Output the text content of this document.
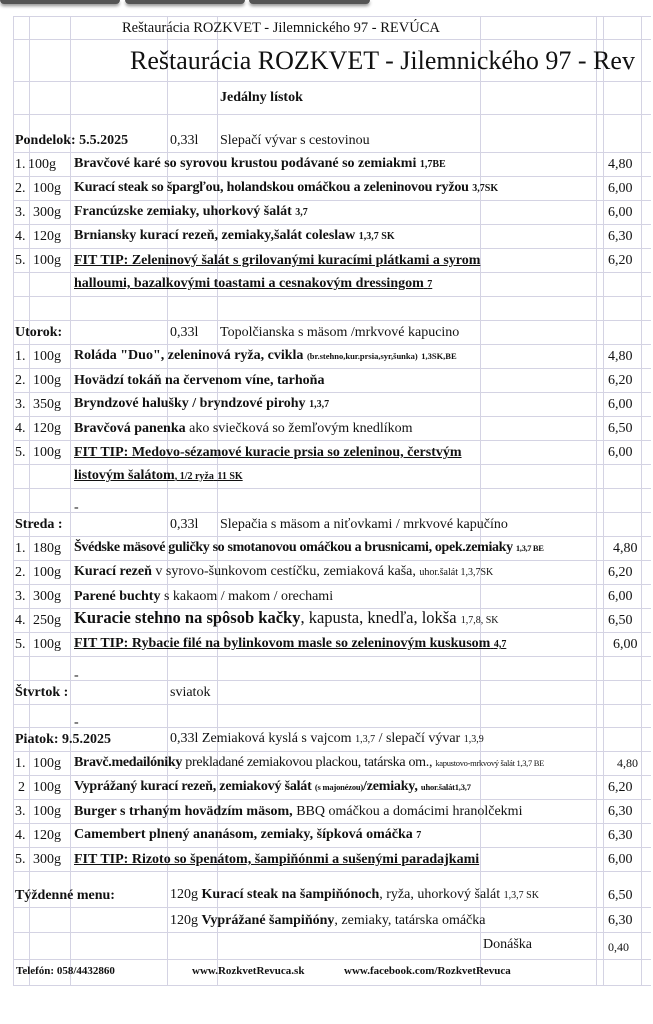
Reštaurácia ROZKVET - Jilemnického 97 - REVÚCA
Reštaurácia ROZKVET - Jilemnického 97 - Rev
Jedálny lístok
Pondelok: 5.5.2025	0,33l Slepačí vývar s cestovinou
1. 100g Bravčové karé so syrovou krustou podávané so zemiakmi 1,7BE	4,80
2. 100g Kurací steak so špargľou, holandskou omáčkou a zeleninovou ryžou 3,7SK	6,00
3. 300g Francúzske zemiaky, uhorkový šalát 3,7	6,00
4. 120g Brniansky kurací rezeň, zemiaky,šalát coleslaw 1,3,7 SK	6,30
5. 100g FIT TIP: Zeleninový šalát s grilovanými kuracími plátkami a syrom	6,20
halloumi, bazalkovými toastami a cesnakovým dressingom 7
Utorok:	0,33l Topolčianska s mäsom /mrkvové kapucino
1. 100g Roláda "Duo", zeleninová ryža, cvikla (br.stehno,kur.prsia,syr,šunka) 1,3SK,BE	4,80
2. 100g Hovädzí tokáň na červenom víne, tarhoňa	6,20
3. 350g Bryndzové halušky / bryndzové pirohy 1,3,7	6,00
4. 120g Bravčová panenka ako sviečková so žemľovým knedlíkom	6,50
5. 100g FIT TIP: Medovo-sézamové kuracie prsia so zeleninou, čerstvým	6,00
listovým šalátom, 1/2 ryža 11 SK
-
Streda :	0,33l Slepačia s mäsom a niťovkami / mrkvové kapučíno
1. 180g Švédske mäsové guličky so smotanovou omáčkou a brusnicami, opek.zemiaky 1,3,7 BE	4,80
2. 100g Kurací rezeň v syrovo-šunkovom cestíčku, zemiaková kaša, uhor.šalát 1,3,7SK	6,20
3. 300g Parené buchty s kakaom / makom / orechami	6,00
4. 250g Kuracie stehno na spôsob kačky, kapusta, knedľa, lokša 1,7,8, SK	6,50
5. 100g FIT TIP: Rybacie filé na bylinkovom masle so zeleninovým kuskusom 4,7	6,00
-
Štvrtok :	sviatok
-
Piatok: 9.5.2025	0,33l Zemiaková kyslá s vajcom 1,3,7 / slepačí vývar 1,3,9
1. 100g Bravč.medailóniky prekladané zemiakovou plackou, tatárska om., kapustovo-mrkvový šalát 1,3,7 BE	4,80
2 100g Vyprážaný kurací rezeň, zemiakový šalát (s majonézou)/zemiaky, uhor.šalát1,3,7	6,20
3. 100g Burger s trhaným hovädzím mäsom, BBQ omáčkou a domácimi hranolčekmi	6,30
4. 120g Camembert plnený ananásom, zemiaky, šípková omáčka 7	6,30
5. 300g FIT TIP: Rizoto so špenátom, šampiňónmi a sušenými paradajkami	6,00
Týždenné menu:	120g Kurací steak na šampiňónoch, ryža, uhorkový šalát 1,3,7 SK	6,50
120g Vyprážané šampiňóny, zemiaky, tatárska omáčka	6,30
Donáška	0,40
Telefón: 058/4432860	www.RozkvetRevuca.sk	www.facebook.com/RozkvetRevuca
